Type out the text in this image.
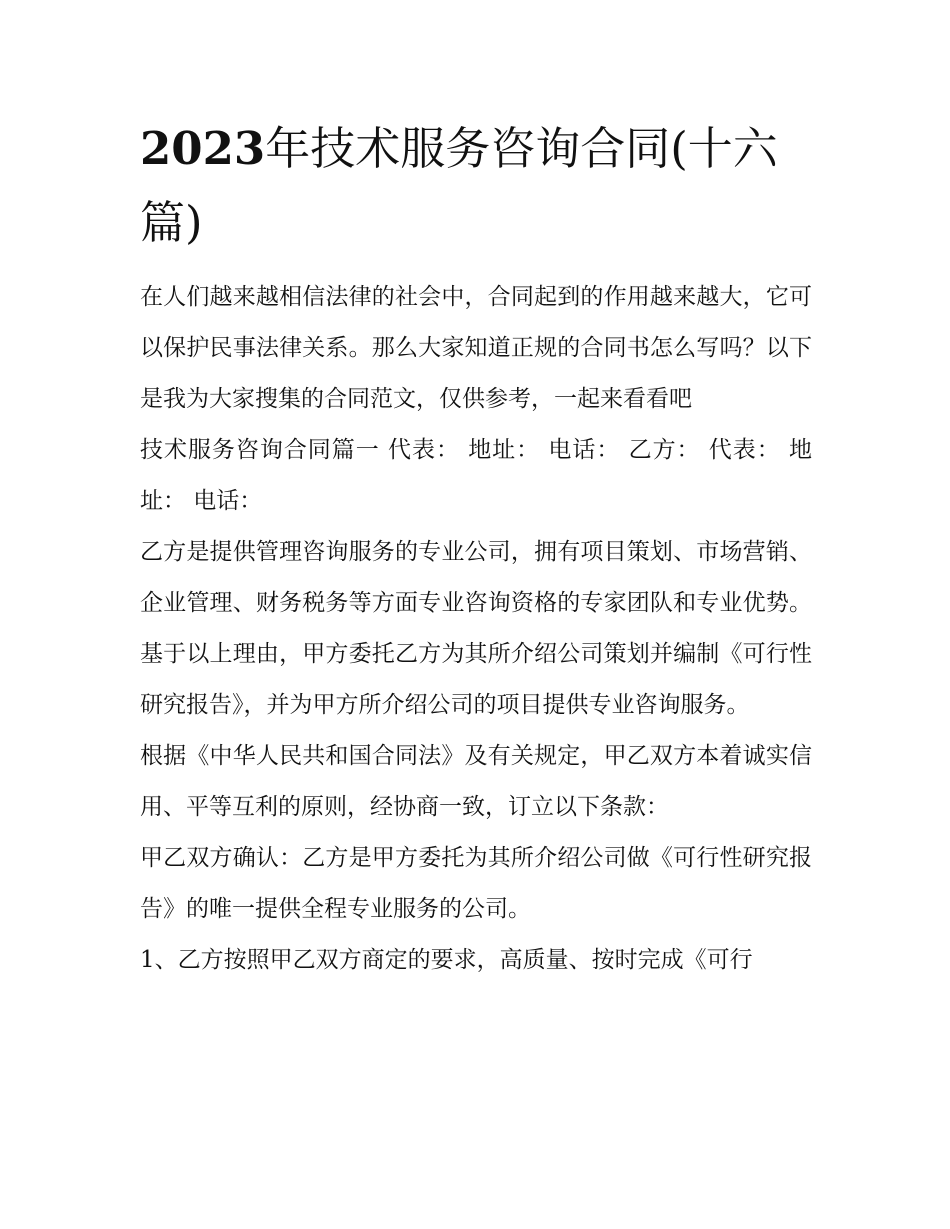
2023年技术服务咨询合同(十六篇)

在人们越来越相信法律的社会中，合同起到的作用越来越大，它可以保护民事法律关系。那么大家知道正规的合同书怎么写吗？以下是我为大家搜集的合同范文，仅供参考，一起来看看吧

技术服务咨询合同篇一 代表： 地址： 电话： 乙方： 代表： 地址： 电话：

乙方是提供管理咨询服务的专业公司，拥有项目策划、市场营销、企业管理、财务税务等方面专业咨询资格的专家团队和专业优势。基于以上理由，甲方委托乙方为其所介绍公司策划并编制《可行性研究报告》，并为甲方所介绍公司的项目提供专业咨询服务。

根据《中华人民共和国合同法》及有关规定，甲乙双方本着诚实信用、平等互利的原则，经协商一致，订立以下条款：

甲乙双方确认：乙方是甲方委托为其所介绍公司做《可行性研究报告》的唯一提供全程专业服务的公司。

1、乙方按照甲乙双方商定的要求，高质量、按时完成《可行
